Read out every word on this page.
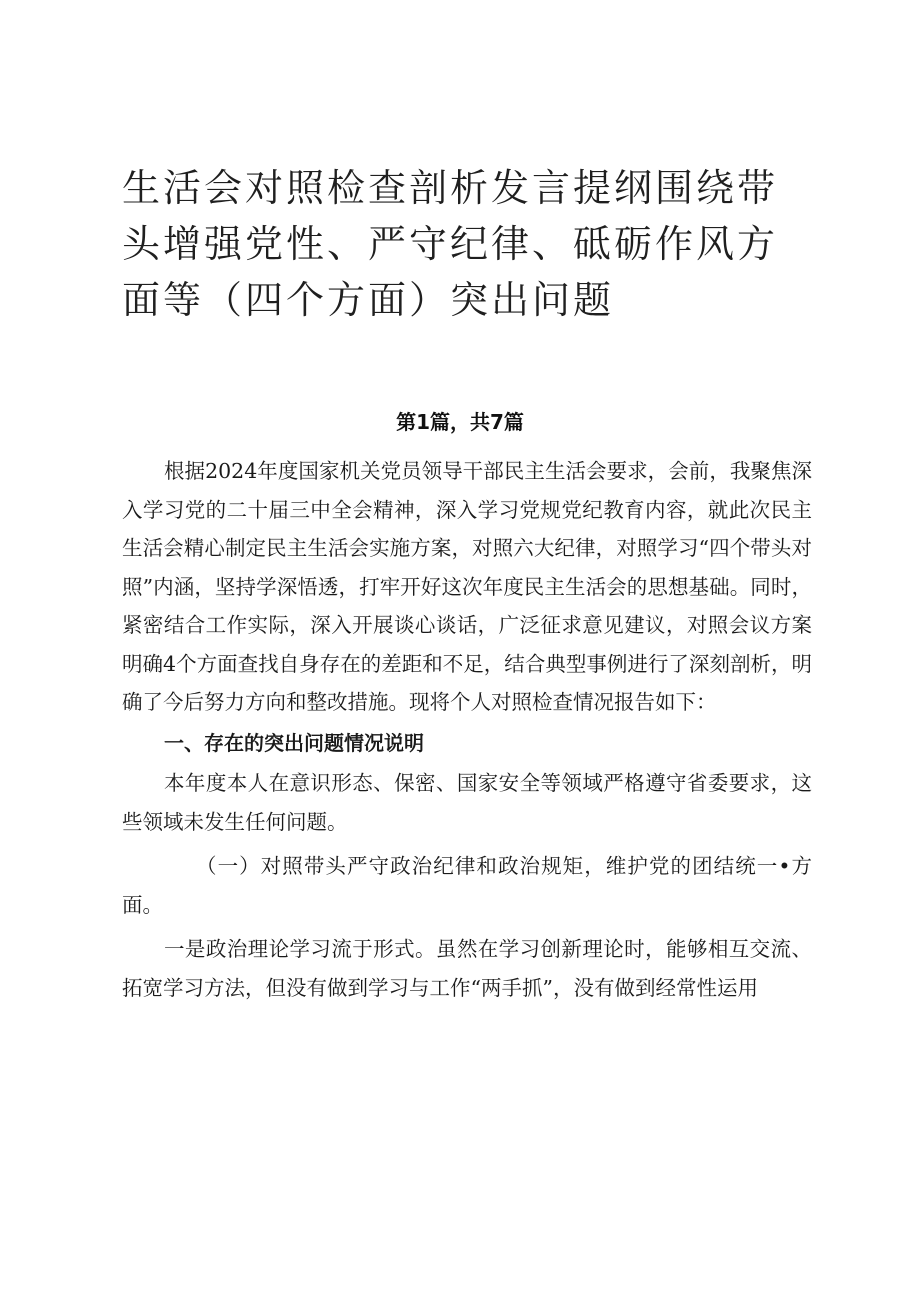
生活会对照检查剖析发言提纲围绕带头增强党性、严守纪律、砥砺作风方面等（四个方面）突出问题
第1篇，共7篇

根据2024年度国家机关党员领导干部民主生活会要求，会前，我聚焦深入学习党的二十届三中全会精神，深入学习党规党纪教育内容，就此次民主生活会精心制定民主生活会实施方案，对照六大纪律，对照学习“四个带头对照”内涵，坚持学深悟透，打牢开好这次年度民主生活会的思想基础。同时，紧密结合工作实际，深入开展谈心谈话，广泛征求意见建议，对照会议方案明确4个方面查找自身存在的差距和不足，结合典型事例进行了深刻剖析，明确了今后努力方向和整改措施。现将个人对照检查情况报告如下：

一、存在的突出问题情况说明

本年度本人在意识形态、保密、国家安全等领域严格遵守省委要求，这些领域未发生任何问题。

（一）对照带头严守政治纪律和政治规矩，维护党的团结统一•方面。

一是政治理论学习流于形式。虽然在学习创新理论时，能够相互交流、拓宽学习方法，但没有做到学习与工作“两手抓”，没有做到经常性运用
